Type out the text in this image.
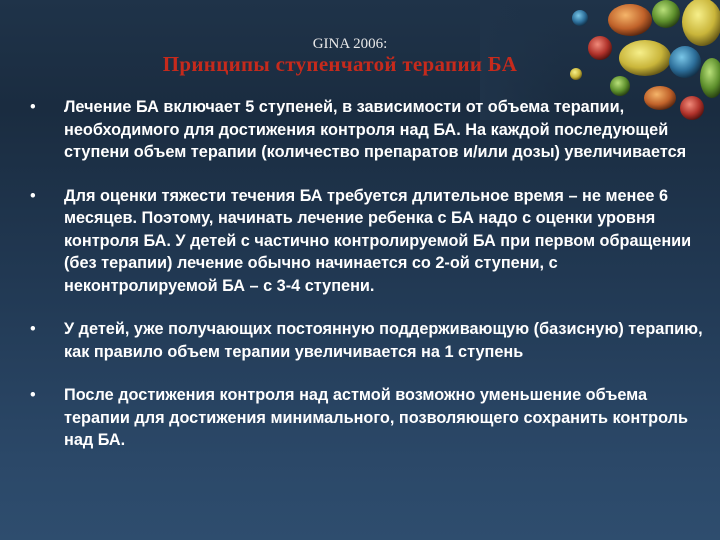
GINA 2006:
Принципы ступенчатой терапии БА
•	Лечение БА включает 5 ступеней, в зависимости от объема терапии, необходимого для достижения контроля над БА. На каждой последующей ступени объем терапии (количество препаратов и/или дозы) увеличивается
•	Для оценки тяжести течения БА требуется длительное время – не менее 6 месяцев. Поэтому, начинать лечение ребенка с БА надо с оценки уровня контроля БА. У детей с частично контролируемой БА при первом обращении (без терапии) лечение обычно начинается со 2-ой ступени, с неконтролируемой БА – с 3-4 ступени.
•	У детей, уже получающих постоянную поддерживающую (базисную) терапию, как правило объем терапии увеличивается на 1 ступень
•	После достижения контроля над астмой возможно уменьшение объема терапии для достижения минимального, позволяющего сохранить контроль над БА.
